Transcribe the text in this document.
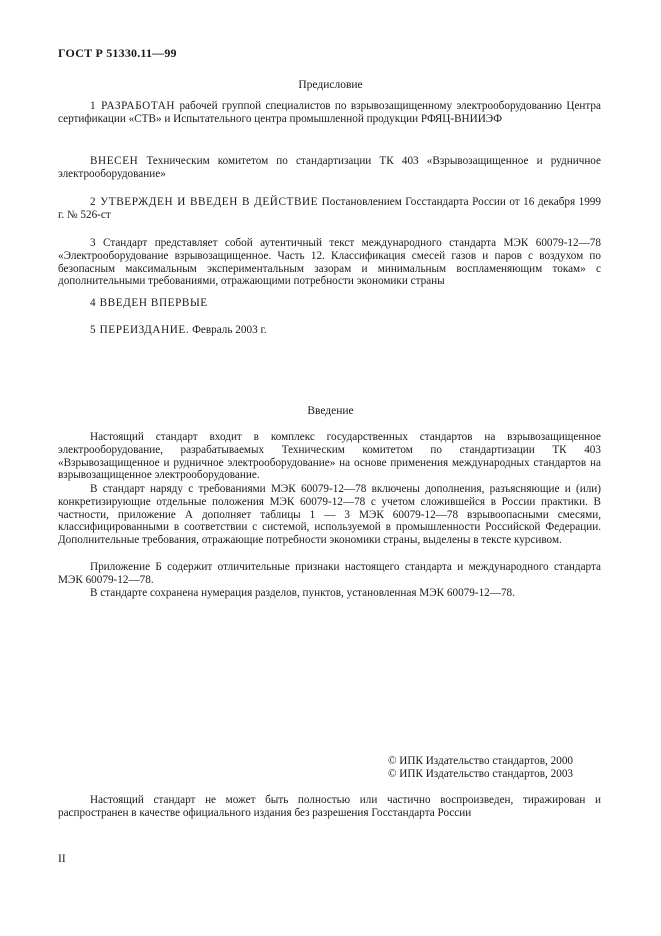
ГОСТ Р 51330.11—99
Предисловие

1 РАЗРАБОТАН рабочей группой специалистов по взрывозащищенному электрооборудованию Центра сертификации «СТВ» и Испытательного центра промышленной продукции РФЯЦ-ВНИИЭФ

ВНЕСЕН Техническим комитетом по стандартизации ТК 403 «Взрывозащищенное и рудничное электрооборудование»

2 УТВЕРЖДЕН И ВВЕДЕН В ДЕЙСТВИЕ Постановлением Госстандарта России от 16 декабря 1999 г. № 526-ст

3 Стандарт представляет собой аутентичный текст международного стандарта МЭК 60079-12—78 «Электрооборудование взрывозащищенное. Часть 12. Классификация смесей газов и паров с воздухом по безопасным максимальным экспериментальным зазорам и минимальным воспламеняющим токам» с дополнительными требованиями, отражающими потребности экономики страны

4 ВВЕДЕН ВПЕРВЫЕ

5 ПЕРЕИЗДАНИЕ. Февраль 2003 г.

Введение

Настоящий стандарт входит в комплекс государственных стандартов на взрывозащищенное электрооборудование, разрабатываемых Техническим комитетом по стандартизации ТК 403 «Взрывозащищенное и рудничное электрооборудование» на основе применения международных стандартов на взрывозащищенное электрооборудование.

В стандарт наряду с требованиями МЭК 60079-12—78 включены дополнения, разъясняющие и (или) конкретизирующие отдельные положения МЭК 60079-12—78 с учетом сложившейся в России практики. В частности, приложение А дополняет таблицы 1 — 3 МЭК 60079-12—78 взрывоопасными смесями, классифицированными в соответствии с системой, используемой в промышленности Российской Федерации. Дополнительные требования, отражающие потребности экономики страны, выделены в тексте курсивом.

Приложение Б содержит отличительные признаки настоящего стандарта и международного стандарта МЭК 60079-12—78.

В стандарте сохранена нумерация разделов, пунктов, установленная МЭК 60079-12—78.

© ИПК Издательство стандартов, 2000
© ИПК Издательство стандартов, 2003

Настоящий стандарт не может быть полностью или частично воспроизведен, тиражирован и распространен в качестве официального издания без разрешения Госстандарта России

II
